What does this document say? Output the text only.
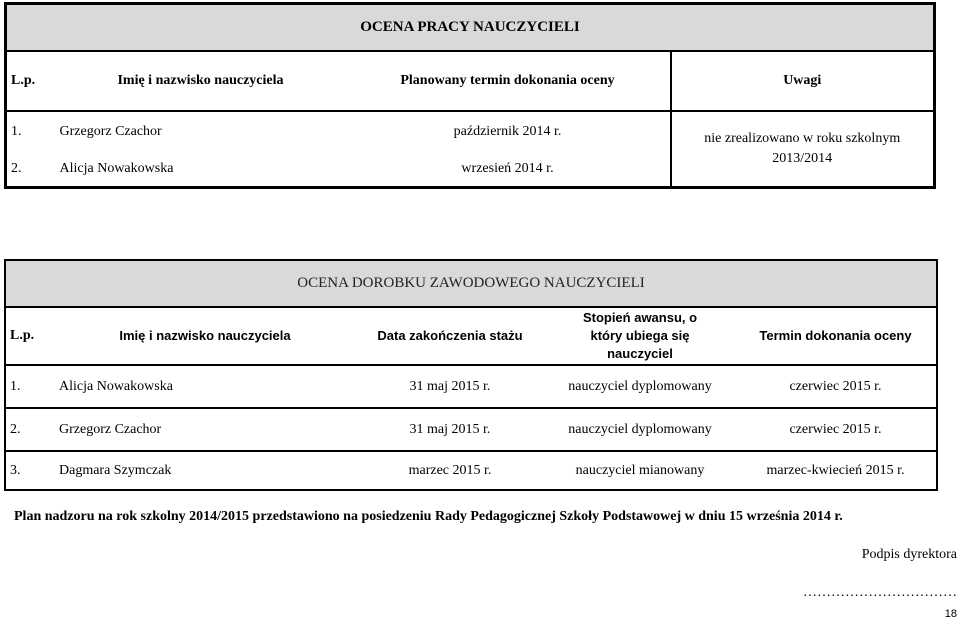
OCENA PRACY NAUCZYCIELI			
L.p.	Imię i nazwisko nauczyciela	Planowany termin dokonania oceny	Uwagi
1.	Grzegorz Czachor	październik 2014 r.	nie zrealizowano w roku szkolnym 2013/2014
2.	Alicja Nowakowska	wrzesień 2014 r.	
OCENA DOROBKU ZAWODOWEGO NAUCZYCIELI				
L.p.	Imię i nazwisko nauczyciela	Data zakończenia stażu	Stopień awansu, o który ubiega się nauczyciel	Termin dokonania oceny
1.	Alicja Nowakowska	31 maj 2015 r.	nauczyciel dyplomowany	czerwiec 2015 r.
2.	Grzegorz Czachor	31 maj 2015 r.	nauczyciel dyplomowany	czerwiec 2015 r.
3.	Dagmara Szymczak	marzec 2015 r.	nauczyciel mianowany	marzec-kwiecień 2015 r.
Plan nadzoru na rok szkolny 2014/2015 przedstawiono na posiedzeniu Rady Pedagogicznej Szkoły Podstawowej w dniu 15 września 2014 r.
Podpis dyrektora
……………………………
18
